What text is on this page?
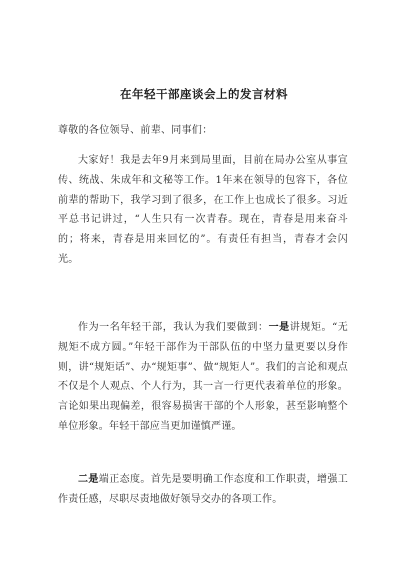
在年轻干部座谈会上的发言材料
尊敬的各位领导、前辈、同事们：

大家好！我是去年9月来到局里面，目前在局办公室从事宣传、统战、朱成年和文秘等工作。1年来在领导的包容下，各位前辈的帮助下，我学习到了很多，在工作上也成长了很多。习近平总书记讲过，“人生只有一次青春。现在，青春是用来奋斗的；将来，青春是用来回忆的”。有责任有担当，青春才会闪光。

作为一名年轻干部，我认为我们要做到：一是讲规矩。“无规矩不成方圆。”年轻干部作为干部队伍的中坚力量更要以身作则，讲“规矩话”、办“规矩事”、做“规矩人”。我们的言论和观点不仅是个人观点、个人行为，其一言一行更代表着单位的形象。言论如果出现偏差，很容易损害干部的个人形象，甚至影响整个单位形象。年轻干部应当更加谨慎严谨。

二是端正态度。首先是要明确工作态度和工作职责，增强工作责任感，尽职尽责地做好领导交办的各项工作。
